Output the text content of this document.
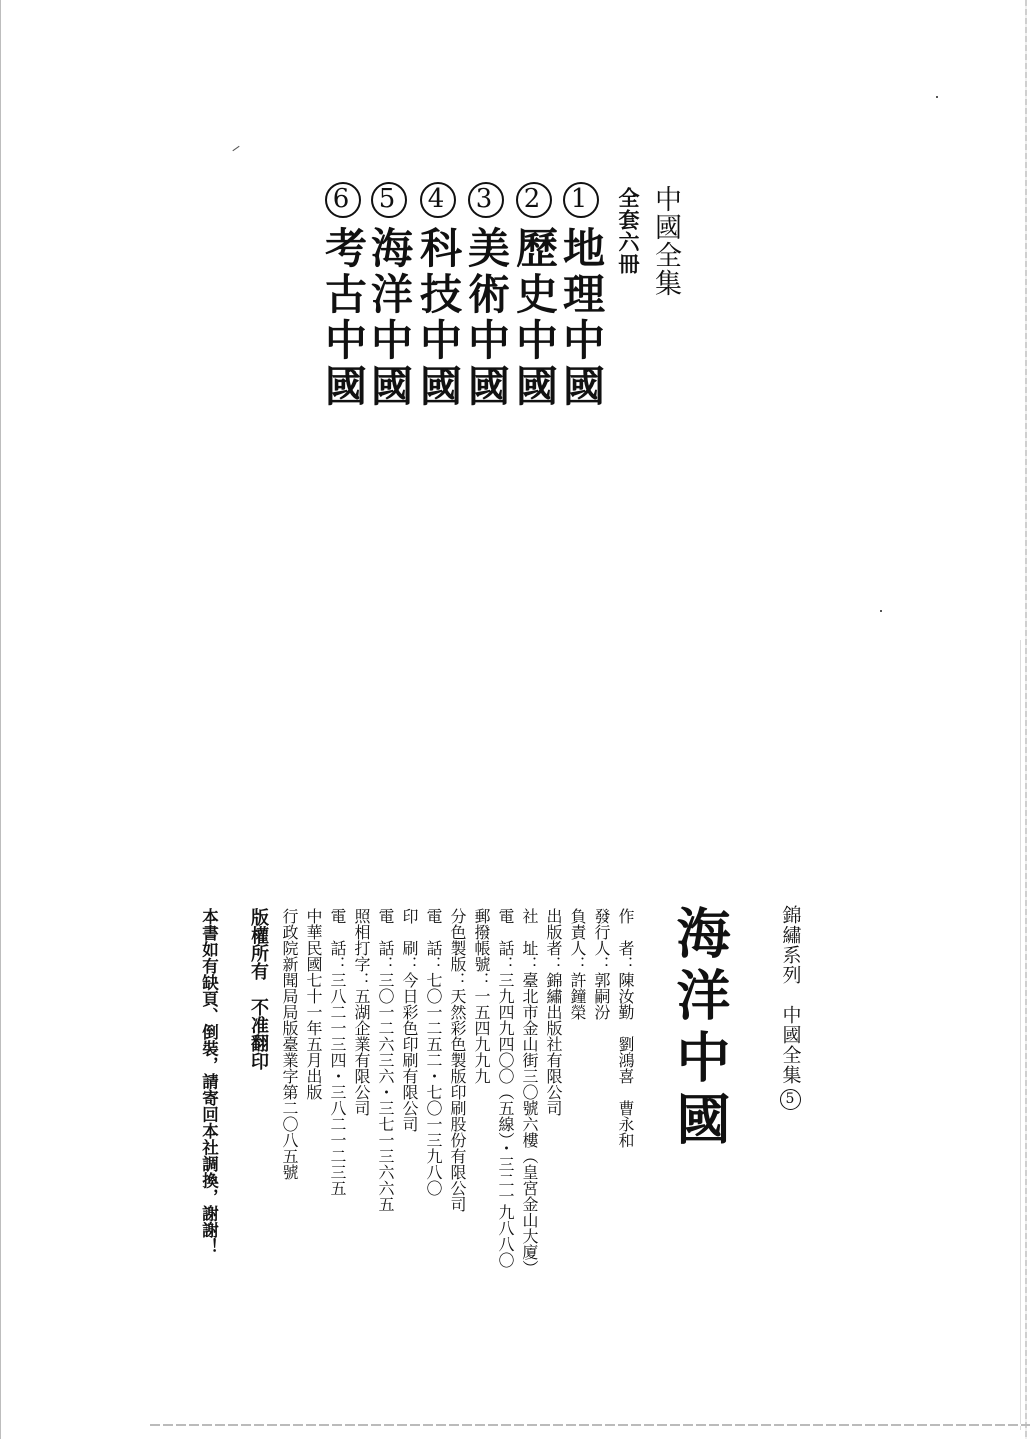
中國全集
全套六冊
1地理中國
2歷史中國
3美術中國
4科技中國
5海洋中國
6考古中國
錦繡系列　中國全集5
海洋中國
作　者：陳汝勤　劉鴻喜　曹永和
發行人：郭嗣汾
負責人：許鐘榮
出版者：錦繡出版社有限公司
社　址：臺北市金山街三〇號六樓（皇宮金山大廈）
電　話：三九四九四〇〇（五線）・三二一九八八〇
郵撥帳號：一五四九九九
分色製版：天然彩色製版印刷股份有限公司
電　話：七〇一二五二・七〇一三九八〇
印　刷：今日彩色印刷有限公司
電　話：三〇一二六三六・三七一三六六五
照相打字：五湖企業有限公司
電　話：三八二一三四・三八二一二三五
中華民國七十一年五月出版
行政院新聞局局版臺業字第二〇八五號
版權所有　不准翻印
本書如有缺頁、倒裝，請寄回本社調換，謝謝！
